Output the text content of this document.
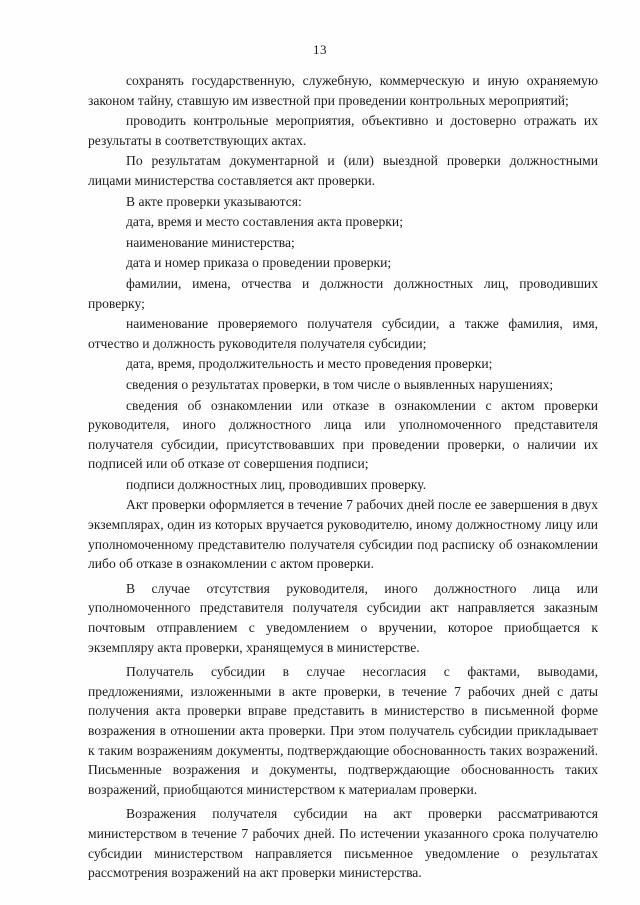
13

сохранять государственную, служебную, коммерческую и иную охраняемую законом тайну, ставшую им известной при проведении контрольных мероприятий;

проводить контрольные мероприятия, объективно и достоверно отражать их результаты в соответствующих актах.

По результатам документарной и (или) выездной проверки должностными лицами министерства составляется акт проверки.

В акте проверки указываются:

дата, время и место составления акта проверки;

наименование министерства;

дата и номер приказа о проведении проверки;

фамилии, имена, отчества и должности должностных лиц, проводивших проверку;

наименование проверяемого получателя субсидии, а также фамилия, имя, отчество и должность руководителя получателя субсидии;

дата, время, продолжительность и место проведения проверки;

сведения о результатах проверки, в том числе о выявленных нарушениях;

сведения об ознакомлении или отказе в ознакомлении с актом проверки руководителя, иного должностного лица или уполномоченного представителя получателя субсидии, присутствовавших при проведении проверки, о наличии их подписей или об отказе от совершения подписи;

подписи должностных лиц, проводивших проверку.

Акт проверки оформляется в течение 7 рабочих дней после ее завершения в двух экземплярах, один из которых вручается руководителю, иному должностному лицу или уполномоченному представителю получателя субсидии под расписку об ознакомлении либо об отказе в ознакомлении с актом проверки.

В случае отсутствия руководителя, иного должностного лица или уполномоченного представителя получателя субсидии акт направляется заказным почтовым отправлением с уведомлением о вручении, которое приобщается к экземпляру акта проверки, хранящемуся в министерстве.

Получатель субсидии в случае несогласия с фактами, выводами, предложениями, изложенными в акте проверки, в течение 7 рабочих дней с даты получения акта проверки вправе представить в министерство в письменной форме возражения в отношении акта проверки. При этом получатель субсидии прикладывает к таким возражениям документы, подтверждающие обоснованность таких возражений. Письменные возражения и документы, подтверждающие обоснованность таких возражений, приобщаются министерством к материалам проверки.

Возражения получателя субсидии на акт проверки рассматриваются министерством в течение 7 рабочих дней. По истечении указанного срока получателю субсидии министерством направляется письменное уведомление о результатах рассмотрения возражений на акт проверки министерства.
